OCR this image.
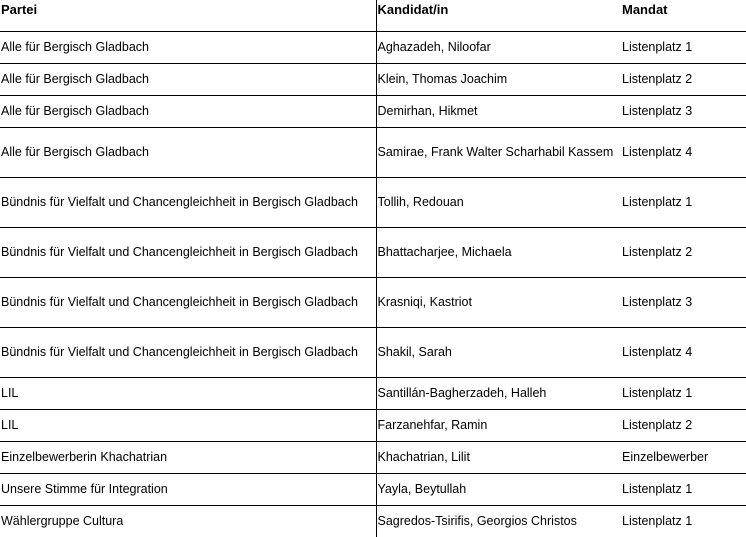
Partei	Kandidat/in	Mandat
Alle für Bergisch Gladbach	Aghazadeh, Niloofar	Listenplatz 1
Alle für Bergisch Gladbach	Klein, Thomas Joachim	Listenplatz 2
Alle für Bergisch Gladbach	Demirhan, Hikmet	Listenplatz 3
Alle für Bergisch Gladbach	Samirae, Frank Walter Scharhabil Kassem	Listenplatz 4
Bündnis für Vielfalt und Chancengleichheit in Bergisch Gladbach	Tollih, Redouan	Listenplatz 1
Bündnis für Vielfalt und Chancengleichheit in Bergisch Gladbach	Bhattacharjee, Michaela	Listenplatz 2
Bündnis für Vielfalt und Chancengleichheit in Bergisch Gladbach	Krasniqi, Kastriot	Listenplatz 3
Bündnis für Vielfalt und Chancengleichheit in Bergisch Gladbach	Shakil, Sarah	Listenplatz 4
LIL	Santillán-Bagherzadeh, Halleh	Listenplatz 1
LIL	Farzanehfar, Ramin	Listenplatz 2
Einzelbewerberin Khachatrian	Khachatrian, Lilit	Einzelbewerber
Unsere Stimme für Integration	Yayla, Beytullah	Listenplatz 1
Wählergruppe Cultura	Sagredos-Tsirifis, Georgios Christos	Listenplatz 1
